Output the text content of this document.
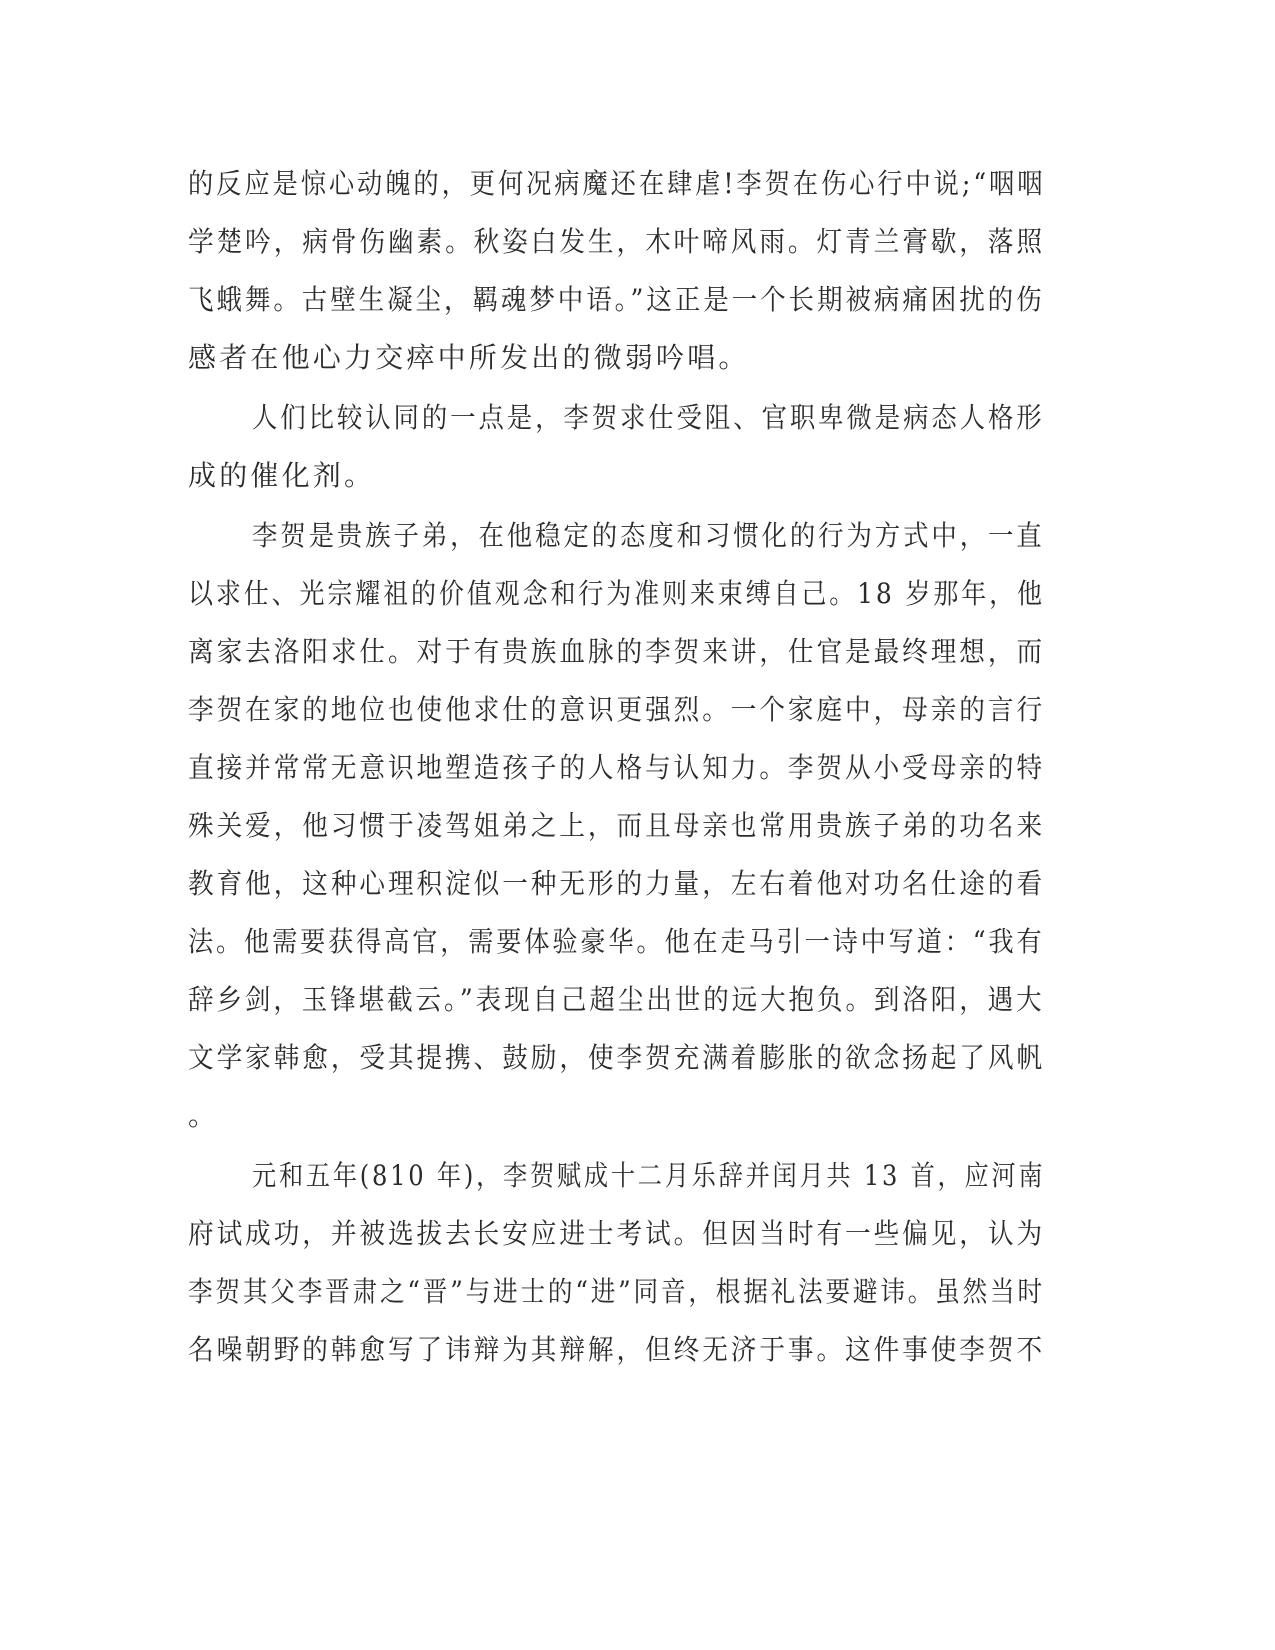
的反应是惊心动魄的，更何况病魔还在肆虐!李贺在伤心行中说;“咽咽
学楚吟，病骨伤幽素。秋姿白发生，木叶啼风雨。灯青兰膏歇，落照
飞蛾舞。古壁生凝尘，羁魂梦中语。”这正是一个长期被病痛困扰的伤
感者在他心力交瘁中所发出的微弱吟唱。
人们比较认同的一点是，李贺求仕受阻、官职卑微是病态人格形
成的催化剂。
李贺是贵族子弟，在他稳定的态度和习惯化的行为方式中，一直
以求仕、光宗耀祖的价值观念和行为准则来束缚自己。18 岁那年，他
离家去洛阳求仕。对于有贵族血脉的李贺来讲，仕官是最终理想，而
李贺在家的地位也使他求仕的意识更强烈。一个家庭中，母亲的言行
直接并常常无意识地塑造孩子的人格与认知力。李贺从小受母亲的特
殊关爱，他习惯于凌驾姐弟之上，而且母亲也常用贵族子弟的功名来
教育他，这种心理积淀似一种无形的力量，左右着他对功名仕途的看
法。他需要获得高官，需要体验豪华。他在走马引一诗中写道：“我有
辞乡剑，玉锋堪截云。”表现自己超尘出世的远大抱负。到洛阳，遇大
文学家韩愈，受其提携、鼓励，使李贺充满着膨胀的欲念扬起了风帆
。
元和五年(810 年)，李贺赋成十二月乐辞并闰月共 13 首，应河南
府试成功，并被选拔去长安应进士考试。但因当时有一些偏见，认为
李贺其父李晋肃之“晋”与进士的“进”同音，根据礼法要避讳。虽然当时
名噪朝野的韩愈写了讳辩为其辩解，但终无济于事。这件事使李贺不
